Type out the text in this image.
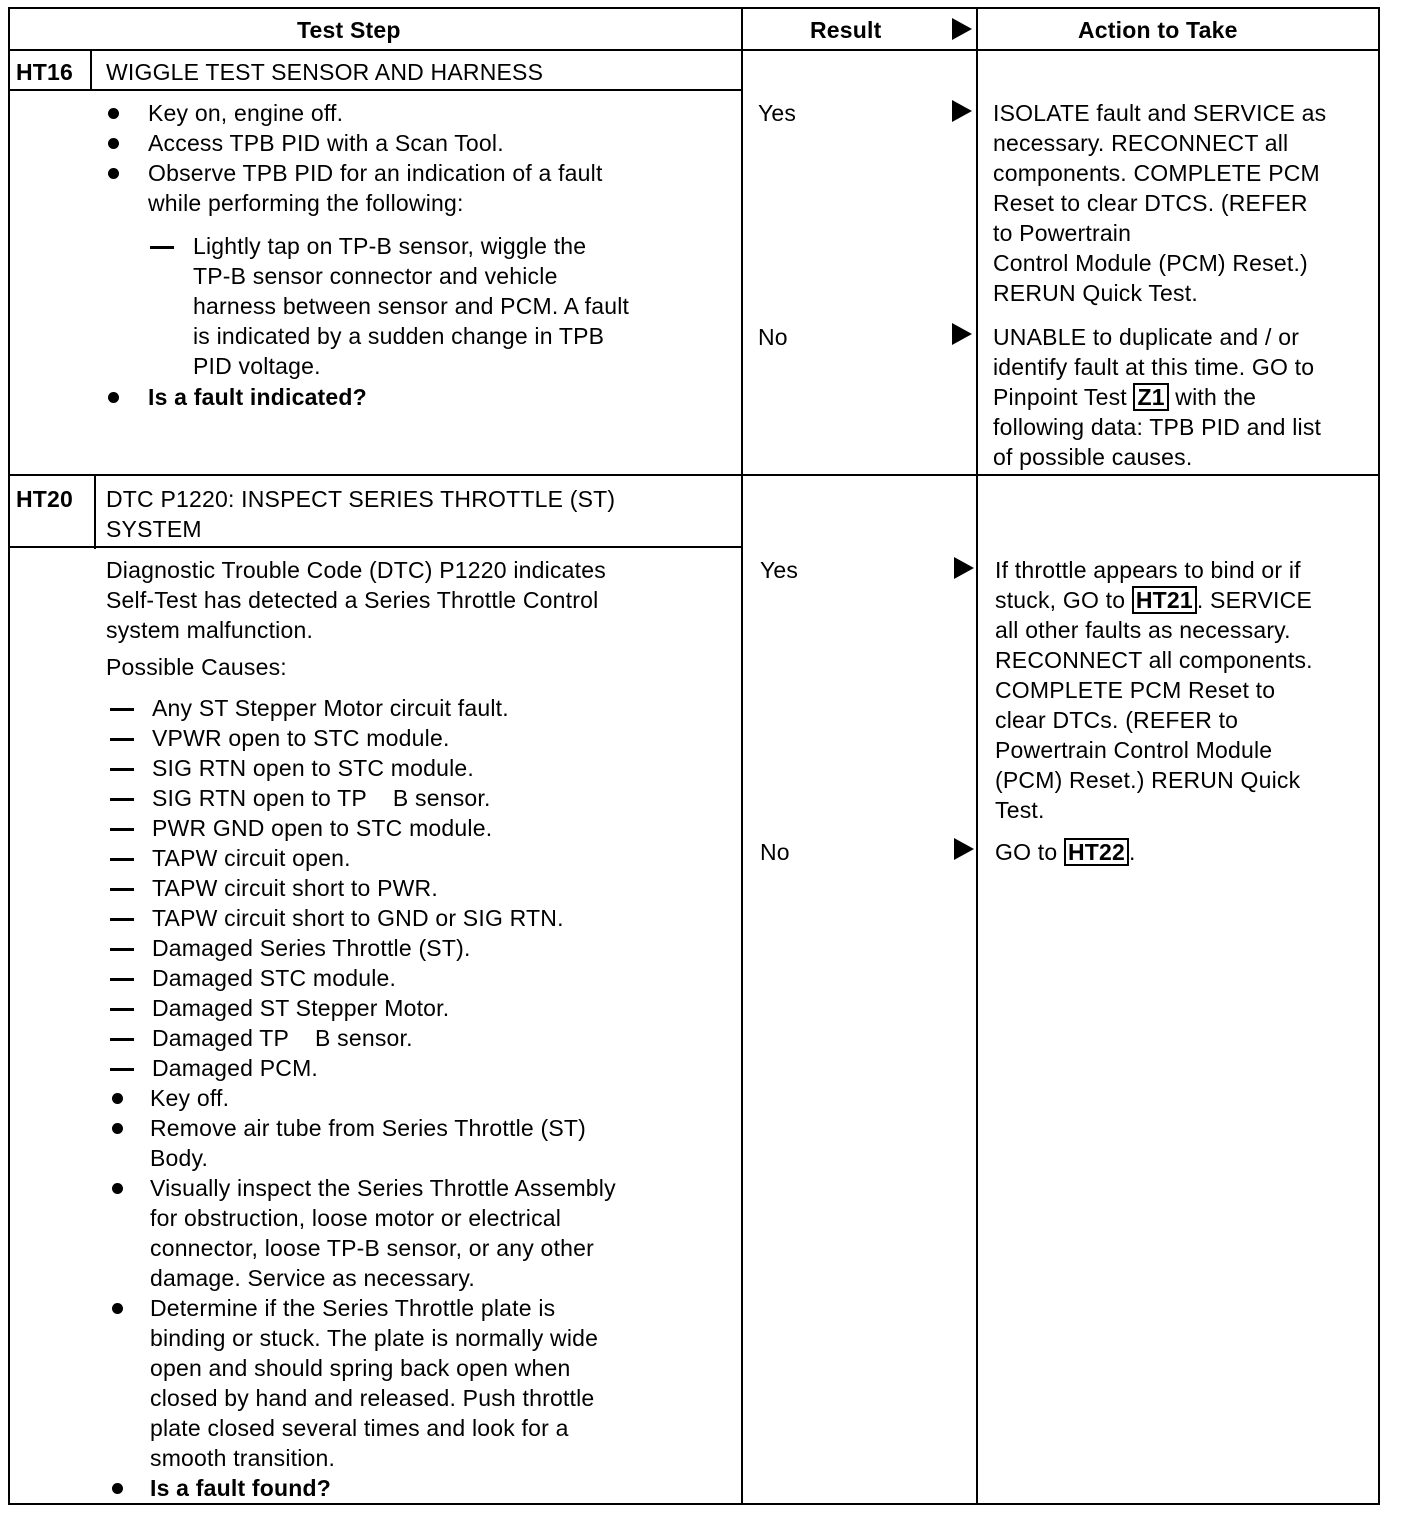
Test Step	Result	Action to Take
HT16 WIGGLE TEST SENSOR AND HARNESS
Key on, engine off.
Access TPB PID with a Scan Tool.
Observe TPB PID for an indication of a fault
while performing the following:
Lightly tap on TP-B sensor, wiggle the
TP-B sensor connector and vehicle
harness between sensor and PCM. A fault
is indicated by a sudden change in TPB
PID voltage.
Is a fault indicated?
Yes
No
ISOLATE fault and SERVICE as
necessary. RECONNECT all
components. COMPLETE PCM
Reset to clear DTCS. (REFER
to Powertrain
Control Module (PCM) Reset.)
RERUN Quick Test.
UNABLE to duplicate and / or
identify fault at this time. GO to
Pinpoint Test Z1 with the
following data: TPB PID and list
of possible causes.
HT20 DTC P1220: INSPECT SERIES THROTTLE (ST)
SYSTEM
Diagnostic Trouble Code (DTC) P1220 indicates
Self-Test has detected a Series Throttle Control
system malfunction.
Possible Causes:
Any ST Stepper Motor circuit fault.
VPWR open to STC module.
SIG RTN open to STC module.
SIG RTN open to TP    B sensor.
PWR GND open to STC module.
TAPW circuit open.
TAPW circuit short to PWR.
TAPW circuit short to GND or SIG RTN.
Damaged Series Throttle (ST).
Damaged STC module.
Damaged ST Stepper Motor.
Damaged TP    B sensor.
Damaged PCM.
Key off.
Remove air tube from Series Throttle (ST)
Body.
Visually inspect the Series Throttle Assembly
for obstruction, loose motor or electrical
connector, loose TP-B sensor, or any other
damage. Service as necessary.
Determine if the Series Throttle plate is
binding or stuck. The plate is normally wide
open and should spring back open when
closed by hand and released. Push throttle
plate closed several times and look for a
smooth transition.
Is a fault found?
Yes
No
If throttle appears to bind or if
stuck, GO to HT21 . SERVICE
all other faults as necessary.
RECONNECT all components.
COMPLETE PCM Reset to
clear DTCs. (REFER to
Powertrain Control Module
(PCM) Reset.) RERUN Quick
Test.
GO to HT22 .
